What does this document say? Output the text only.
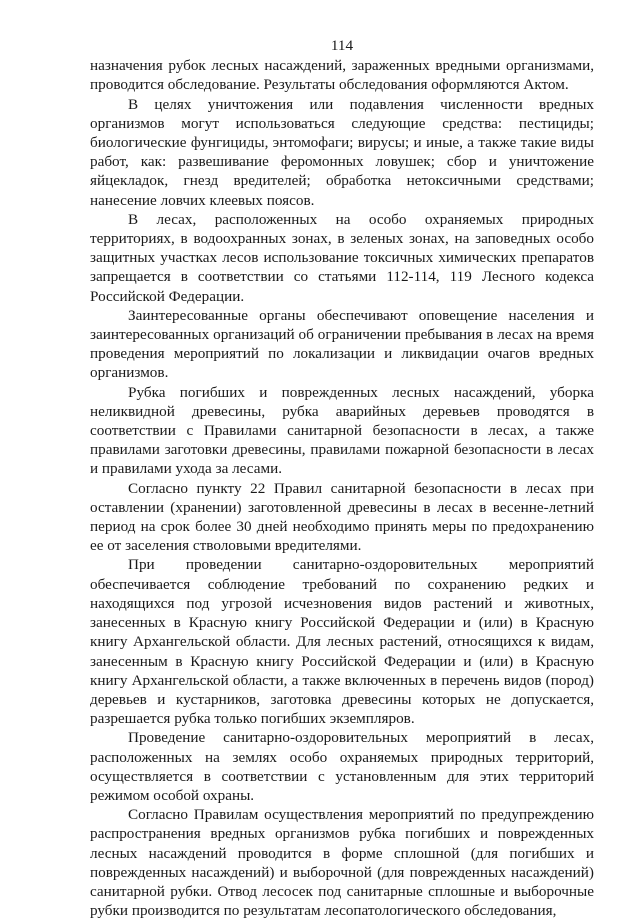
114

назначения рубок лесных насаждений, зараженных вредными организмами, проводится обследование. Результаты обследования оформляются Актом.

В целях уничтожения или подавления численности вредных организмов могут использоваться следующие средства: пестициды; биологические фунгициды, энтомофаги; вирусы; и иные, а также такие виды работ, как: развешивание феромонных ловушек; сбор и уничтожение яйцекладок, гнезд вредителей; обработка нетоксичными средствами; нанесение ловчих клеевых поясов.

В лесах, расположенных на особо охраняемых природных территориях, в водоохранных зонах, в зеленых зонах, на заповедных особо защитных участках лесов использование токсичных химических препаратов запрещается в соответствии со статьями 112-114, 119 Лесного кодекса Российской Федерации.

Заинтересованные органы обеспечивают оповещение населения и заинтересованных организаций об ограничении пребывания в лесах на время проведения мероприятий по локализации и ликвидации очагов вредных организмов.

Рубка погибших и поврежденных лесных насаждений, уборка неликвидной древесины, рубка аварийных деревьев проводятся в соответствии с Правилами санитарной безопасности в лесах, а также правилами заготовки древесины, правилами пожарной безопасности в лесах и правилами ухода за лесами.

Согласно пункту 22 Правил санитарной безопасности в лесах при оставлении (хранении) заготовленной древесины в лесах в весенне-летний период на срок более 30 дней необходимо принять меры по предохранению ее от заселения стволовыми вредителями.

При проведении санитарно-оздоровительных мероприятий обеспечивается соблюдение требований по сохранению редких и находящихся под угрозой исчезновения видов растений и животных, занесенных в Красную книгу Российской Федерации и (или) в Красную книгу Архангельской области. Для лесных растений, относящихся к видам, занесенным в Красную книгу Российской Федерации и (или) в Красную книгу Архангельской области, а также включенных в перечень видов (пород) деревьев и кустарников, заготовка древесины которых не допускается, разрешается рубка только погибших экземпляров.

Проведение санитарно-оздоровительных мероприятий в лесах, расположенных на землях особо охраняемых природных территорий, осуществляется в соответствии с установленным для этих территорий режимом особой охраны.

Согласно Правилам осуществления мероприятий по предупреждению распространения вредных организмов рубка погибших и поврежденных лесных насаждений проводится в форме сплошной (для погибших и поврежденных насаждений) и выборочной (для поврежденных насаждений) санитарной рубки. Отвод лесосек под санитарные сплошные и выборочные рубки производится по результатам лесопатологического обследования,
